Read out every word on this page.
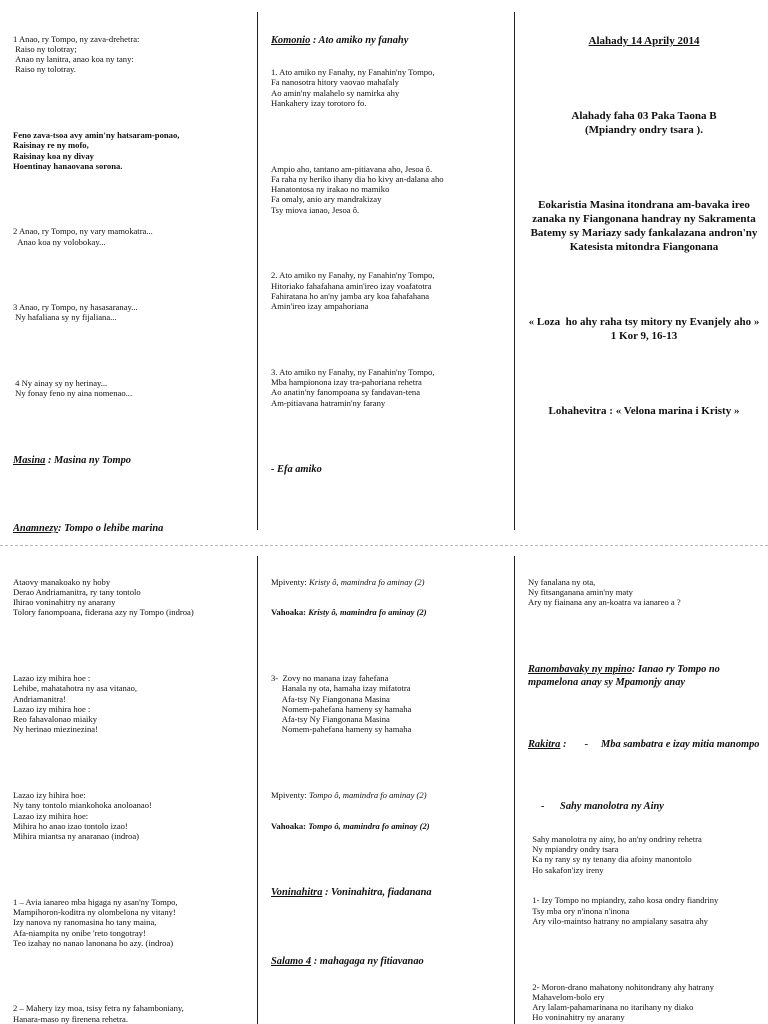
1 Anao, ry Tompo, ny zava-drehetra:
Raiso ny tolotray;
Anao ny lanitra, anao koa ny tany:
Raiso ny tolotray.

Feno zava-tsoa avy amin'ny hatsaram-ponao,
Raisinay re ny mofo,
Raisinay koa ny divay
Hoentinay hanaovana sorona.

2 Anao, ry Tompo, ny vary mamokatra...
Anao koa ny volobokay...

3 Anao, ry Tompo, ny hasasaranay...
Ny hafaliana sy ny fijaliana...

4 Ny ainay sy ny herinay...
Ny fonay feno ny aina nomenao...

Masina : Masina ny Tompo

Anamnezy: Tompo o lehibe marina

Komonio : Ato amiko ny fanahy

1. Ato amiko ny Fanahy, ny Fanahin'ny Tompo,
Fa nanosotra hitory vaovao mahafaly
Ao amin'ny malahelo sy namirka ahy
Hankahery izay torotoro fo.

Ampio aho, tantano am-pitiavana aho, Jesoa ô.
Fa raha ny heriko ihany dia ho kivy an-dalana aho
Hanatontosa ny irakao no mamiko
Fa omaly, anio ary mandrakizay
Tsy miova ianao, Jesoa ô.

2. Ato amiko ny Fanahy, ny Fanahin'ny Tompo,
Hitoriako fahafahana amin'ireo izay voafatotra
Fahiratana ho an'ny jamba ary koa fahafahana
Amin'ireo izay ampahoriana

3. Ato amiko ny Fanahy, ny Fanahin'ny Tompo,
Mba hampionona izay tra-pahoriana rehetra
Ao anatin'ny fanompoana sy fandavan-tena
Am-pitiavana hatramin'ny farany

- Efa amiko

Alahady 14 Aprily 2014

Alahady faha 03 Paka Taona B
(Mpiandry ondry tsara ).

Eokaristia Masina itondrana am-bavaka ireo zanaka ny Fiangonana handray ny Sakramenta Batemy sy Mariazy sady fankalazana andron'ny Katesista mitondra Fiangonana

« Loza  ho ahy raha tsy mitory ny Evanjely aho » 1 Kor 9, 16-13

Lohahevitra : « Velona marina i Kristy »

Ataovy manakoako ny hoby
Derao Andriamanitra, ry tany tontolo
Ihirao voninahitry ny anarany
Tolory fanompoana, fiderana azy ny Tompo (indroa)

Lazao izy mihira hoe :
Lehibe, mahatahotra ny asa vitanao,
Andriamanitra!
Lazao izy mihira hoe :
Reo fahavalonao miaiky
Ny herinao miezinezina!

Lazao izy hihira hoe:
Ny tany tontolo miankohoka anoloanao!
Lazao izy mihira hoe:
Mihira ho anao izao tontolo izao!
Mihira miantsa ny anaranao (indroa)

1 – Avia ianareo mba higaga ny asan'ny Tompo,
Mampihoron-koditra ny olombelona ny vitany!
Izy nanova ny ranomasina ho tany maina,
Afa-niampita ny onibe 'reto tongotray!
Teo izahay no nanao lanonana ho azy. (indroa)

2 – Mahery izy moa, tsisy fetra ny fahamboniany,
Hanara-maso ny firenena rehetra.

Mpiventy: Kristy ô, mamindra fo aminay (2)

Vahoaka: Kristy ô, mamindra fo aminay (2)

3-  Zovy no manana izay fahefana
Hanala ny ota, hamaha izay mifatotra
Afa-tsy Ny Fiangonana Masina
Nomem-pahefana hameny sy hamaha
Afa-tsy Ny Fiangonana Masina
Nomem-pahefana hameny sy hamaha

Mpiventy: Tompo ô, mamindra fo aminay (2)

Vahoaka: Tompo ô, mamindra fo aminay (2)

Voninahitra : Voninahitra, fiadanana

Salamo 4 : mahagaga ny fitiavanao

Ny fanalana ny ota,
Ny fitsanganana amin'ny maty
Ary ny fiainana any an-koatra va ianareo a ?

Ranombavaky ny mpino: Ianao ry Tompo no mpamelona anay sy Mpamonjy anay

Rakitra :       -     Mba sambatra e izay mitia manompo

-      Sahy manolotra ny Ainy

Sahy manolotra ny ainy, ho an'ny ondriny rehetra
Ny mpiandry ondry tsara
Ka ny rany sy ny tenany dia afoiny manontolo
Ho sakafon'izy ireny

1- Izy Tompo no mpiandry, zaho kosa ondry fiandriny
Tsy mba ory n'inona n'inona
Ary vilo-maintso hatrany no ampialany sasatra ahy

2- Moron-drano mahatony nohitondrany ahy hatrany
Mahavelom-bolo ery
Ary lalam-pahamarinana no itarihany ny diako
Ho voninahitry ny anarany
